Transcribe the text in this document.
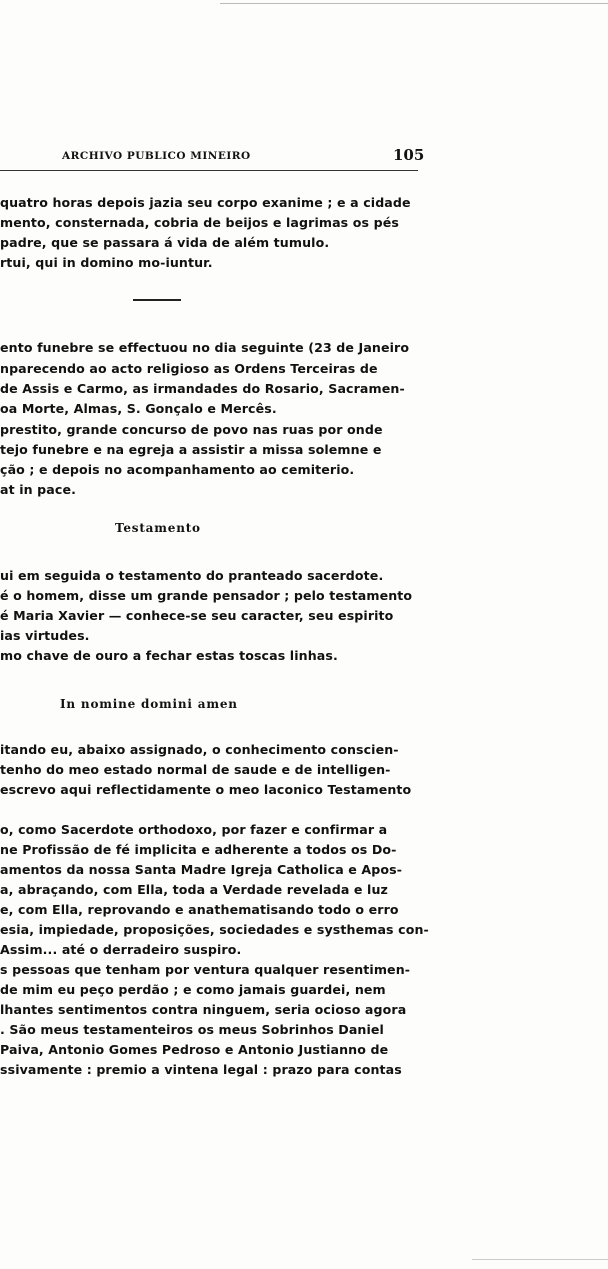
ARCHIVO PUBLICO MINEIRO	105
quatro horas depois jazia seu corpo exanime ; e a cidade
mento, consternada, cobria de beijos e lagrimas os pés
padre, que se passara á vida de além tumulo.
rtui, qui in domino mo-iuntur.
ento funebre se effectuou no dia seguinte (23 de Janeiro
nparecendo ao acto religioso as Ordens Terceiras de
de Assis e Carmo, as irmandades do Rosario, Sacramen-
oa Morte, Almas, S. Gonçalo e Mercês.
prestito, grande concurso de povo nas ruas por onde
tejo funebre e na egreja a assistir a missa solemne e
ção ; e depois no acompanhamento ao cemiterio.
at in pace.
Testamento
ui em seguida o testamento do pranteado sacerdote.
é o homem, disse um grande pensador ; pelo testamento
é Maria Xavier — conhece-se seu caracter, seu espirito
ias virtudes.
mo chave de ouro a fechar estas toscas linhas.
In nomine domini amen
itando eu, abaixo assignado, o conhecimento conscien-
tenho do meo estado normal de saude e de intelligen-
escrevo aqui reflectidamente o meo laconico Testamento
o, como Sacerdote orthodoxo, por fazer e confirmar a
ne Profissão de fé implicita e adherente a todos os Do-
amentos da nossa Santa Madre Igreja Catholica e Apos-
a, abraçando, com Ella, toda a Verdade revelada e luz
e, com Ella, reprovando e anathematisando todo o erro
esia, impiedade, proposições, sociedades e systhemas con-
Assim... até o derradeiro suspiro.
s pessoas que tenham por ventura qualquer resentimen-
de mim eu peço perdão ; e como jamais guardei, nem
lhantes sentimentos contra ninguem, seria ocioso agora
. São meus testamenteiros os meus Sobrinhos Daniel
Paiva, Antonio Gomes Pedroso e Antonio Justianno de
ssivamente : premio a vintena legal : prazo para contas
